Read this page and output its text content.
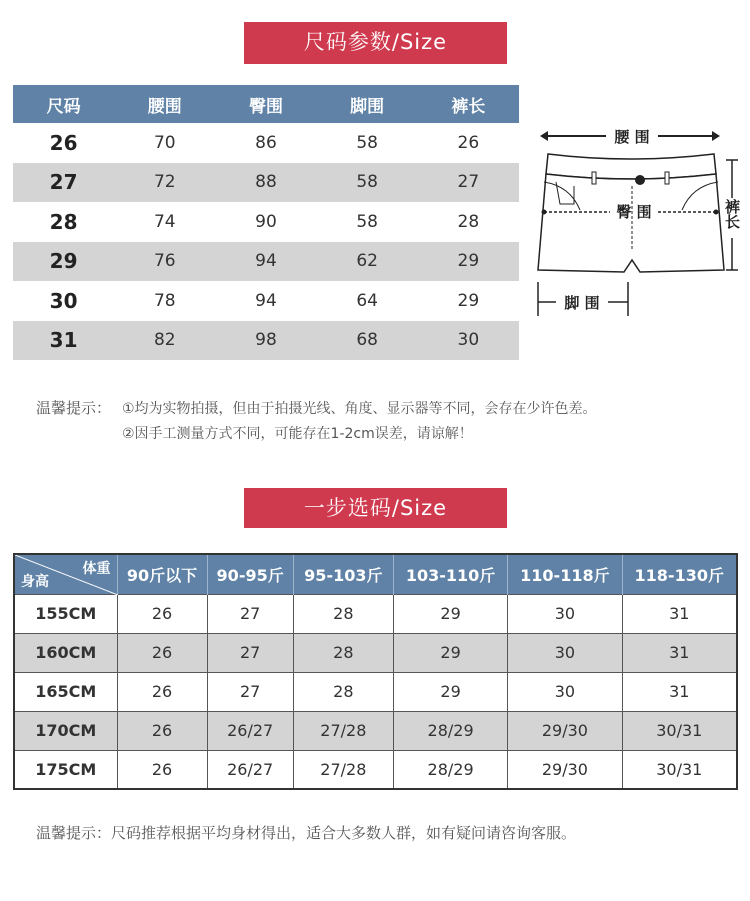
尺码参数/Size
尺码	腰围	臀围	脚围	裤长
26	70	86	58	26
27	72	88	58	27
28	74	90	58	28
29	76	94	62	29
30	78	94	64	29
31	82	98	68	30
腰 围
臀 围	裤长
脚 围
温馨提示： ①均为实物拍摄，但由于拍摄光线、角度、显示器等不同，会存在少许色差。
②因手工测量方式不同，可能存在1-2cm误差，请谅解！
一步选码/Size
体重
身高	90斤以下	90-95斤	95-103斤	103-110斤	110-118斤	118-130斤
155CM	26	27	28	29	30	31
160CM	26	27	28	29	30	31
165CM	26	27	28	29	30	31
170CM	26	26/27	27/28	28/29	29/30	30/31
175CM	26	26/27	27/28	28/29	29/30	30/31
温馨提示：尺码推荐根据平均身材得出，适合大多数人群，如有疑问请咨询客服。
